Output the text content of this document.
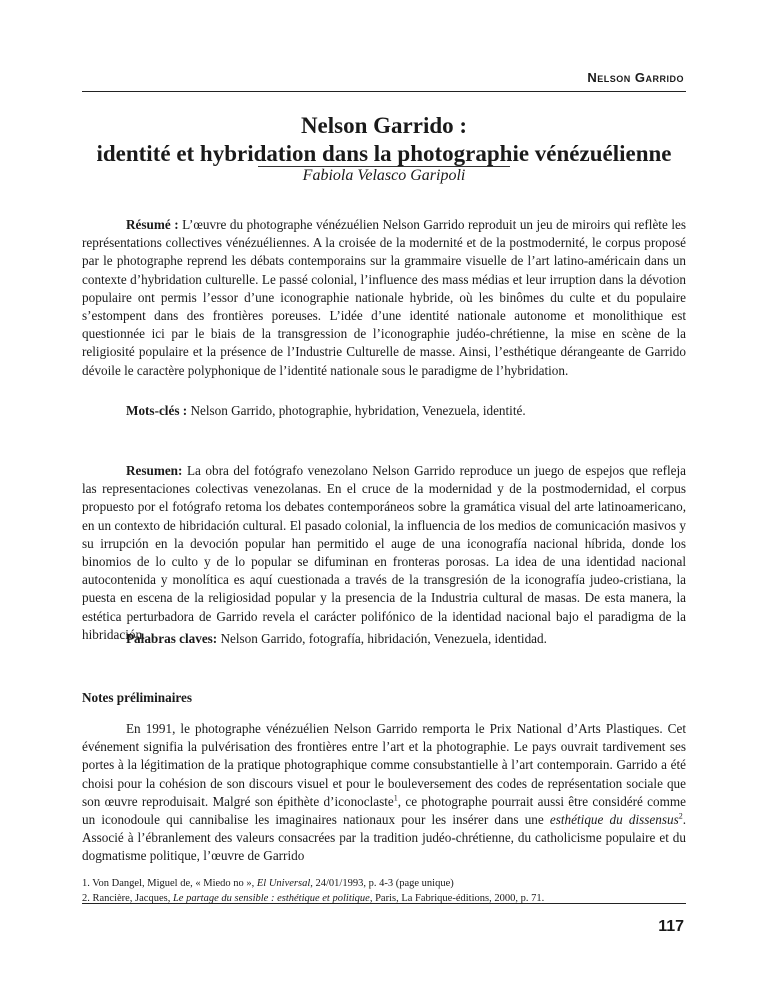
Nelson Garrido
Nelson Garrido :
identité et hybridation dans la photographie vénézuélienne
Fabiola Velasco Garipoli

Résumé : L’œuvre du photographe vénézuélien Nelson Garrido reproduit un jeu de miroirs qui reflète les représentations collectives vénézuéliennes. A la croisée de la modernité et de la postmodernité, le corpus proposé par le photographe reprend les débats contemporains sur la grammaire visuelle de l’art latino-américain dans un contexte d’hybridation culturelle. Le passé colonial, l’influence des mass médias et leur irruption dans la dévotion populaire ont permis l’essor d’une iconographie nationale hybride, où les binômes du culte et du populaire s’estompent dans des frontières poreuses. L’idée d’une identité nationale autonome et monolithique est questionnée ici par le biais de la transgression de l’iconographie judéo-chrétienne, la mise en scène de la religiosité populaire et la présence de l’Industrie Culturelle de masse. Ainsi, l’esthétique dérangeante de Garrido dévoile le caractère polyphonique de l’identité nationale sous le paradigme de l’hybridation.

Mots-clés : Nelson Garrido, photographie, hybridation, Venezuela, identité.

Resumen: La obra del fotógrafo venezolano Nelson Garrido reproduce un juego de espejos que refleja las representaciones colectivas venezolanas. En el cruce de la modernidad y de la postmodernidad, el corpus propuesto por el fotógrafo retoma los debates contemporáneos sobre la gramática visual del arte latinoamericano, en un contexto de hibridación cultural. El pasado colonial, la influencia de los medios de comunicación masivos y su irrupción en la devoción popular han permitido el auge de una iconografía nacional híbrida, donde los binomios de lo culto y de lo popular se difuminan en fronteras porosas. La idea de una identidad nacional autocontenida y monolítica es aquí cuestionada a través de la transgresión de la iconografía judeo-cristiana, la puesta en escena de la religiosidad popular y la presencia de la Industria cultural de masas. De esta manera, la estética perturbadora de Garrido revela el carácter polifónico de la identidad nacional bajo el paradigma de la hibridación.

Palabras claves: Nelson Garrido, fotografía, hibridación, Venezuela, identidad.

Notes préliminaires

En 1991, le photographe vénézuélien Nelson Garrido remporta le Prix National d’Arts Plastiques. Cet événement signifia la pulvérisation des frontières entre l’art et la photographie. Le pays ouvrait tardivement ses portes à la légitimation de la pratique photographique comme consubstantielle à l’art contemporain. Garrido a été choisi pour la cohésion de son discours visuel et pour le bouleversement des codes de représentation sociale que son œuvre reproduisait. Malgré son épithète d’iconoclaste$^1$, ce photographe pourrait aussi être considéré comme un iconodoule qui cannibalise les imaginaires nationaux pour les insérer dans une esthétique du dissensus$^2$. Associé à l’ébranlement des valeurs consacrées par la tradition judéo-chrétienne, du catholicisme populaire et du dogmatisme politique, l’œuvre de Garrido

1. Von Dangel, Miguel de, « Miedo no », El Universal, 24/01/1993, p. 4-3 (page unique)
2. Rancière, Jacques, Le partage du sensible : esthétique et politique, Paris, La Fabrique-éditions, 2000, p. 71.
117
